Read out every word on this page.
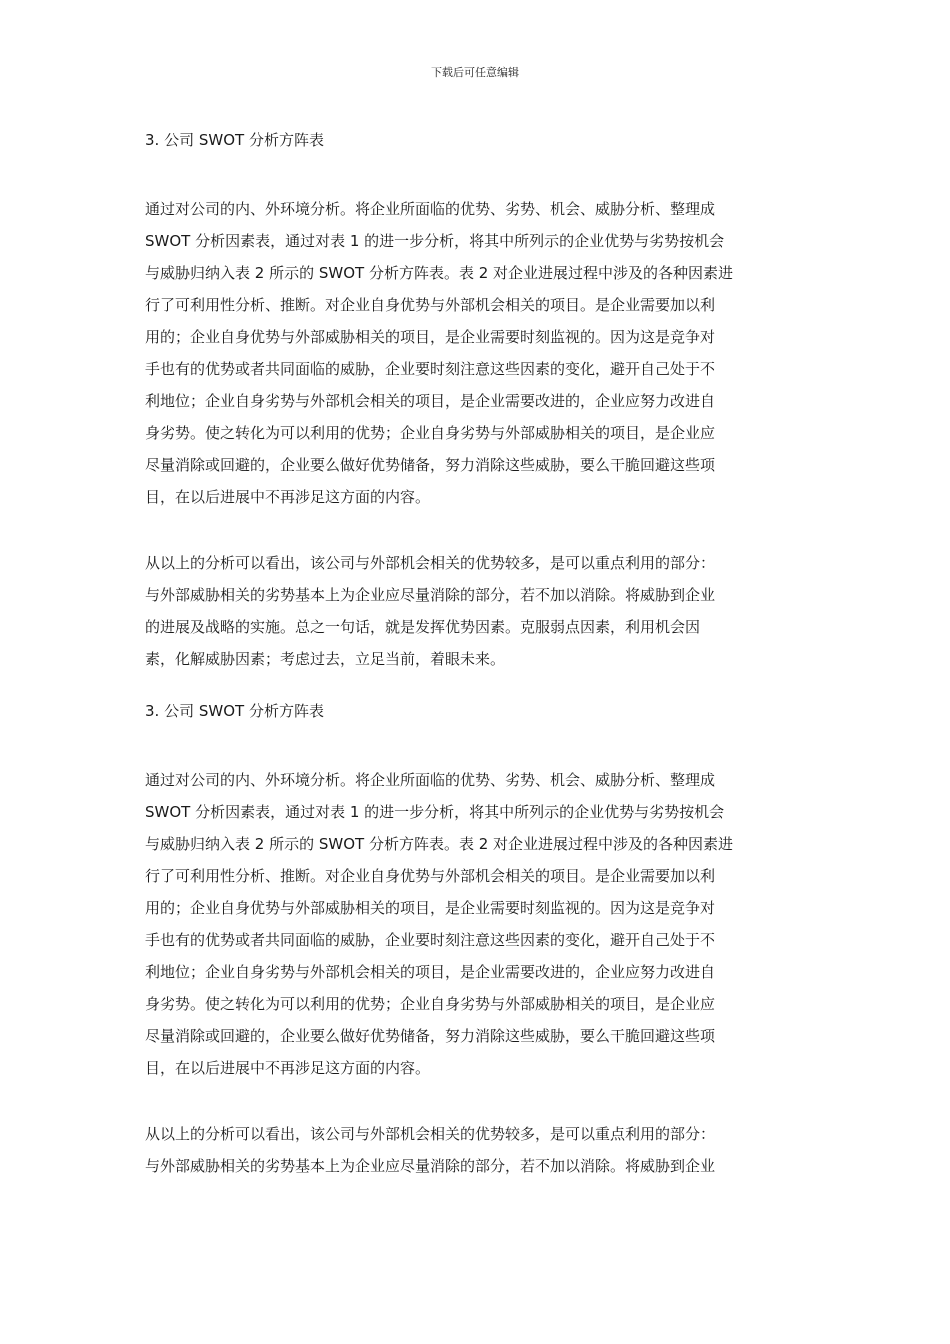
下载后可任意编辑
3. 公司 SWOT 分析方阵表

通过对公司的内、外环境分析。将企业所面临的优势、劣势、机会、威胁分析、整理成
SWOT 分析因素表，通过对表 1 的进一步分析，将其中所列示的企业优势与劣势按机会
与威胁归纳入表 2 所示的 SWOT 分析方阵表。表 2 对企业进展过程中涉及的各种因素进
行了可利用性分析、推断。对企业自身优势与外部机会相关的项目。是企业需要加以利
用的；企业自身优势与外部威胁相关的项目，是企业需要时刻监视的。因为这是竞争对
手也有的优势或者共同面临的威胁，企业要时刻注意这些因素的变化，避开自己处于不
利地位；企业自身劣势与外部机会相关的项目，是企业需要改进的，企业应努力改进自
身劣势。使之转化为可以利用的优势；企业自身劣势与外部威胁相关的项目，是企业应
尽量消除或回避的，企业要么做好优势储备，努力消除这些威胁，要么干脆回避这些项
目，在以后进展中不再涉足这方面的内容。

从以上的分析可以看出，该公司与外部机会相关的优势较多，是可以重点利用的部分：
与外部威胁相关的劣势基本上为企业应尽量消除的部分，若不加以消除。将威胁到企业
的进展及战略的实施。总之一句话，就是发挥优势因素。克服弱点因素，利用机会因
素，化解威胁因素；考虑过去，立足当前，着眼未来。

3. 公司 SWOT 分析方阵表

通过对公司的内、外环境分析。将企业所面临的优势、劣势、机会、威胁分析、整理成
SWOT 分析因素表，通过对表 1 的进一步分析，将其中所列示的企业优势与劣势按机会
与威胁归纳入表 2 所示的 SWOT 分析方阵表。表 2 对企业进展过程中涉及的各种因素进
行了可利用性分析、推断。对企业自身优势与外部机会相关的项目。是企业需要加以利
用的；企业自身优势与外部威胁相关的项目，是企业需要时刻监视的。因为这是竞争对
手也有的优势或者共同面临的威胁，企业要时刻注意这些因素的变化，避开自己处于不
利地位；企业自身劣势与外部机会相关的项目，是企业需要改进的，企业应努力改进自
身劣势。使之转化为可以利用的优势；企业自身劣势与外部威胁相关的项目，是企业应
尽量消除或回避的，企业要么做好优势储备，努力消除这些威胁，要么干脆回避这些项
目，在以后进展中不再涉足这方面的内容。

从以上的分析可以看出，该公司与外部机会相关的优势较多，是可以重点利用的部分：
与外部威胁相关的劣势基本上为企业应尽量消除的部分，若不加以消除。将威胁到企业
